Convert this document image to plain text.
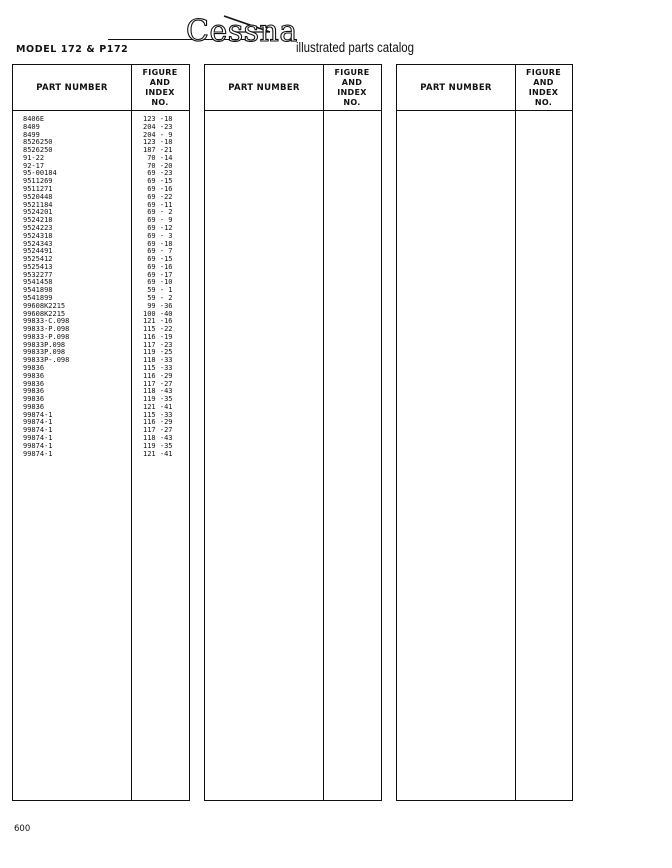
MODEL 172 & P172
Cessna
illustrated parts catalog
PART NUMBER
FIGURE
AND
INDEX
NO.
PART NUMBER
FIGURE
AND
INDEX
NO.
PART NUMBER
FIGURE
AND
INDEX
NO.
8406E	123 -18
8409	204 -23
8499	204 - 9
8526250	123 -18
8526250	187 -21
91-22	70 -14
92-17	70 -20
95-00184	69 -23
9511269	69 -15
9511271	69 -16
9520448	69 -22
9521184	69 -11
9524201	69 - 2
9524218	69 - 9
9524223	69 -12
9524318	69 - 3
9524343	69 -18
9524491	69 - 7
9525412	69 -15
9525413	69 -16
9532277	69 -17
9541458	69 -10
9541898	59 - 1
9541899	59 - 2
99608K2215	99 -36
99608K2215	100 -40
99833-C.098	121 -16
99833-P.098	115 -22
99833-P.098	116 -19
99833P.098	117 -23
99833P.098	119 -25
99833P-.098	118 -33
99836	115 -33
99836	116 -29
99836	117 -27
99836	118 -43
99836	119 -35
99836	121 -41
99874-1	115 -33
99874-1	116 -29
99874-1	117 -27
99874-1	118 -43
99874-1	119 -35
99874-1	121 -41
600
